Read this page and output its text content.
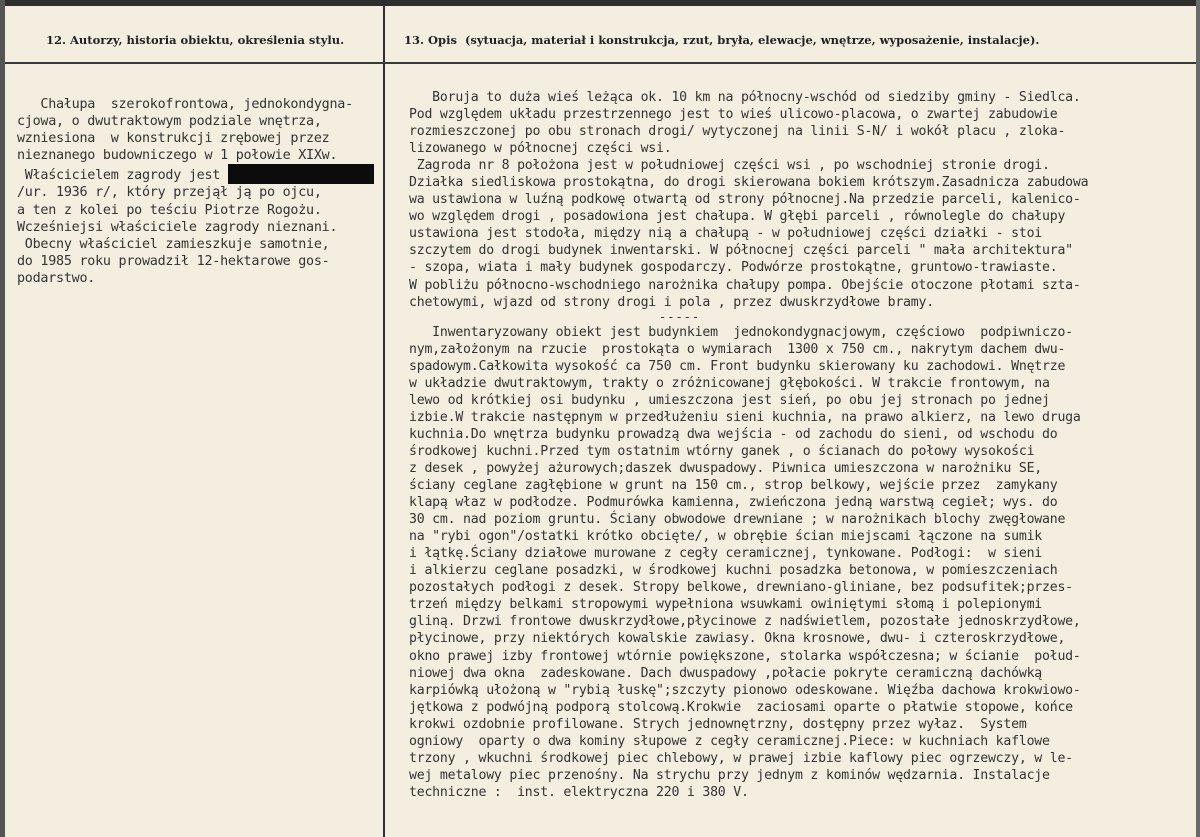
12. Autorzy, historia obiektu, określenia stylu.	13. Opis (sytuacja, materiał i konstrukcja, rzut, bryła, elewacje, wnętrze, wyposażenie, instalacje).
Chałupa  szerokofrontowa, jednokondygna-
cjowa, o dwutraktowym podziale wnętrza,
wzniesiona  w konstrukcji zrębowej przez
nieznanego budowniczego w 1 połowie XIXw.
Właścicielem zagrody jest
/ur. 1936 r/, który przejął ją po ojcu,
a ten z kolei po teściu Piotrze Rogożu.
Wcześniejsi właściciele zagrody nieznani.
Obecny właściciel zamieszkuje samotnie,
do 1985 roku prowadził 12-hektarowe gos-
podarstwo.
Boruja to duża wieś leżąca ok. 10 km na północny-wschód od siedziby gminy - Siedlca.
Pod względem układu przestrzennego jest to wieś ulicowo-placowa, o zwartej zabudowie
rozmieszczonej po obu stronach drogi/ wytyczonej na linii S-N/ i wokół placu , zloka-
lizowanego w północnej części wsi.
Zagroda nr 8 położona jest w południowej części wsi , po wschodniej stronie drogi.
Działka siedliskowa prostokątna, do drogi skierowana bokiem krótszym.Zasadnicza zabudowa
wa ustawiona w luźną podkowę otwartą od strony północnej.Na przedzie parceli, kalenico-
wo względem drogi , posadowiona jest chałupa. W głębi parceli , równolegle do chałupy
ustawiona jest stodoła, między nią a chałupą - w południowej części działki - stoi
szczytem do drogi budynek inwentarski. W północnej części parceli " mała architektura"
- szopa, wiata i mały budynek gospodarczy. Podwórze prostokątne, gruntowo-trawiaste.
W pobliżu północno-wschodniego narożnika chałupy pompa. Obejście otoczone płotami szta-
chetowymi, wjazd od strony drogi i pola , przez dwuskrzydłowe bramy.
-----
Inwentaryzowany obiekt jest budynkiem  jednokondygnacjowym, częściowo  podpiwniczo-
nym,założonym na rzucie  prostokąta o wymiarach  1300 x 750 cm., nakrytym dachem dwu-
spadowym.Całkowita wysokość ca 750 cm. Front budynku skierowany ku zachodowi. Wnętrze
w układzie dwutraktowym, trakty o zróżnicowanej głębokości. W trakcie frontowym, na
lewo od krótkiej osi budynku , umieszczona jest sień, po obu jej stronach po jednej
izbie.W trakcie następnym w przedłużeniu sieni kuchnia, na prawo alkierz, na lewo druga
kuchnia.Do wnętrza budynku prowadzą dwa wejścia - od zachodu do sieni, od wschodu do
środkowej kuchni.Przed tym ostatnim wtórny ganek , o ścianach do połowy wysokości
z desek , powyżej ażurowych;daszek dwuspadowy. Piwnica umieszczona w narożniku SE,
ściany ceglane zagłębione w grunt na 150 cm., strop belkowy, wejście przez  zamykany
klapą właz w podłodze. Podmurówka kamienna, zwieńczona jedną warstwą cegieł; wys. do
30 cm. nad poziom gruntu. Ściany obwodowe drewniane ; w narożnikach blochy zwęgłowane
na "rybi ogon"/ostatki krótko obcięte/, w obrębie ścian miejscami łączone na sumik
i łątkę.Ściany działowe murowane z cegły ceramicznej, tynkowane. Podłogi:  w sieni
i alkierzu ceglane posadzki, w środkowej kuchni posadzka betonowa, w pomieszczeniach
pozostałych podłogi z desek. Stropy belkowe, drewniano-gliniane, bez podsufitek;przes-
trzeń między belkami stropowymi wypełniona wsuwkami owiniętymi słomą i polepionymi
gliną. Drzwi frontowe dwuskrzydłowe,płycinowe z nadświetlem, pozostałe jednoskrzydłowe,
płycinowe, przy niektórych kowalskie zawiasy. Okna krosnowe, dwu- i czteroskrzydłowe,
okno prawej izby frontowej wtórnie powiększone, stolarka współczesna; w ścianie  połud-
niowej dwa okna  zadeskowane. Dach dwuspadowy ,połacie pokryte ceramiczną dachówką
karpiówką ułożoną w "rybią łuskę";szczyty pionowo odeskowane. Więźba dachowa krokwiowo-
jętkowa z podwójną podporą stolcową.Krokwie  zaciosami oparte o płatwie stopowe, końce
krokwi ozdobnie profilowane. Strych jednownętrzny, dostępny przez wyłaz.  System
ogniowy  oparty o dwa kominy słupowe z cegły ceramicznej.Piece: w kuchniach kaflowe
trzony , wkuchni środkowej piec chlebowy, w prawej izbie kaflowy piec ogrzewczy, w le-
wej metalowy piec przenośny. Na strychu przy jednym z kominów wędzarnia. Instalacje
techniczne :  inst. elektryczna 220 i 380 V.
